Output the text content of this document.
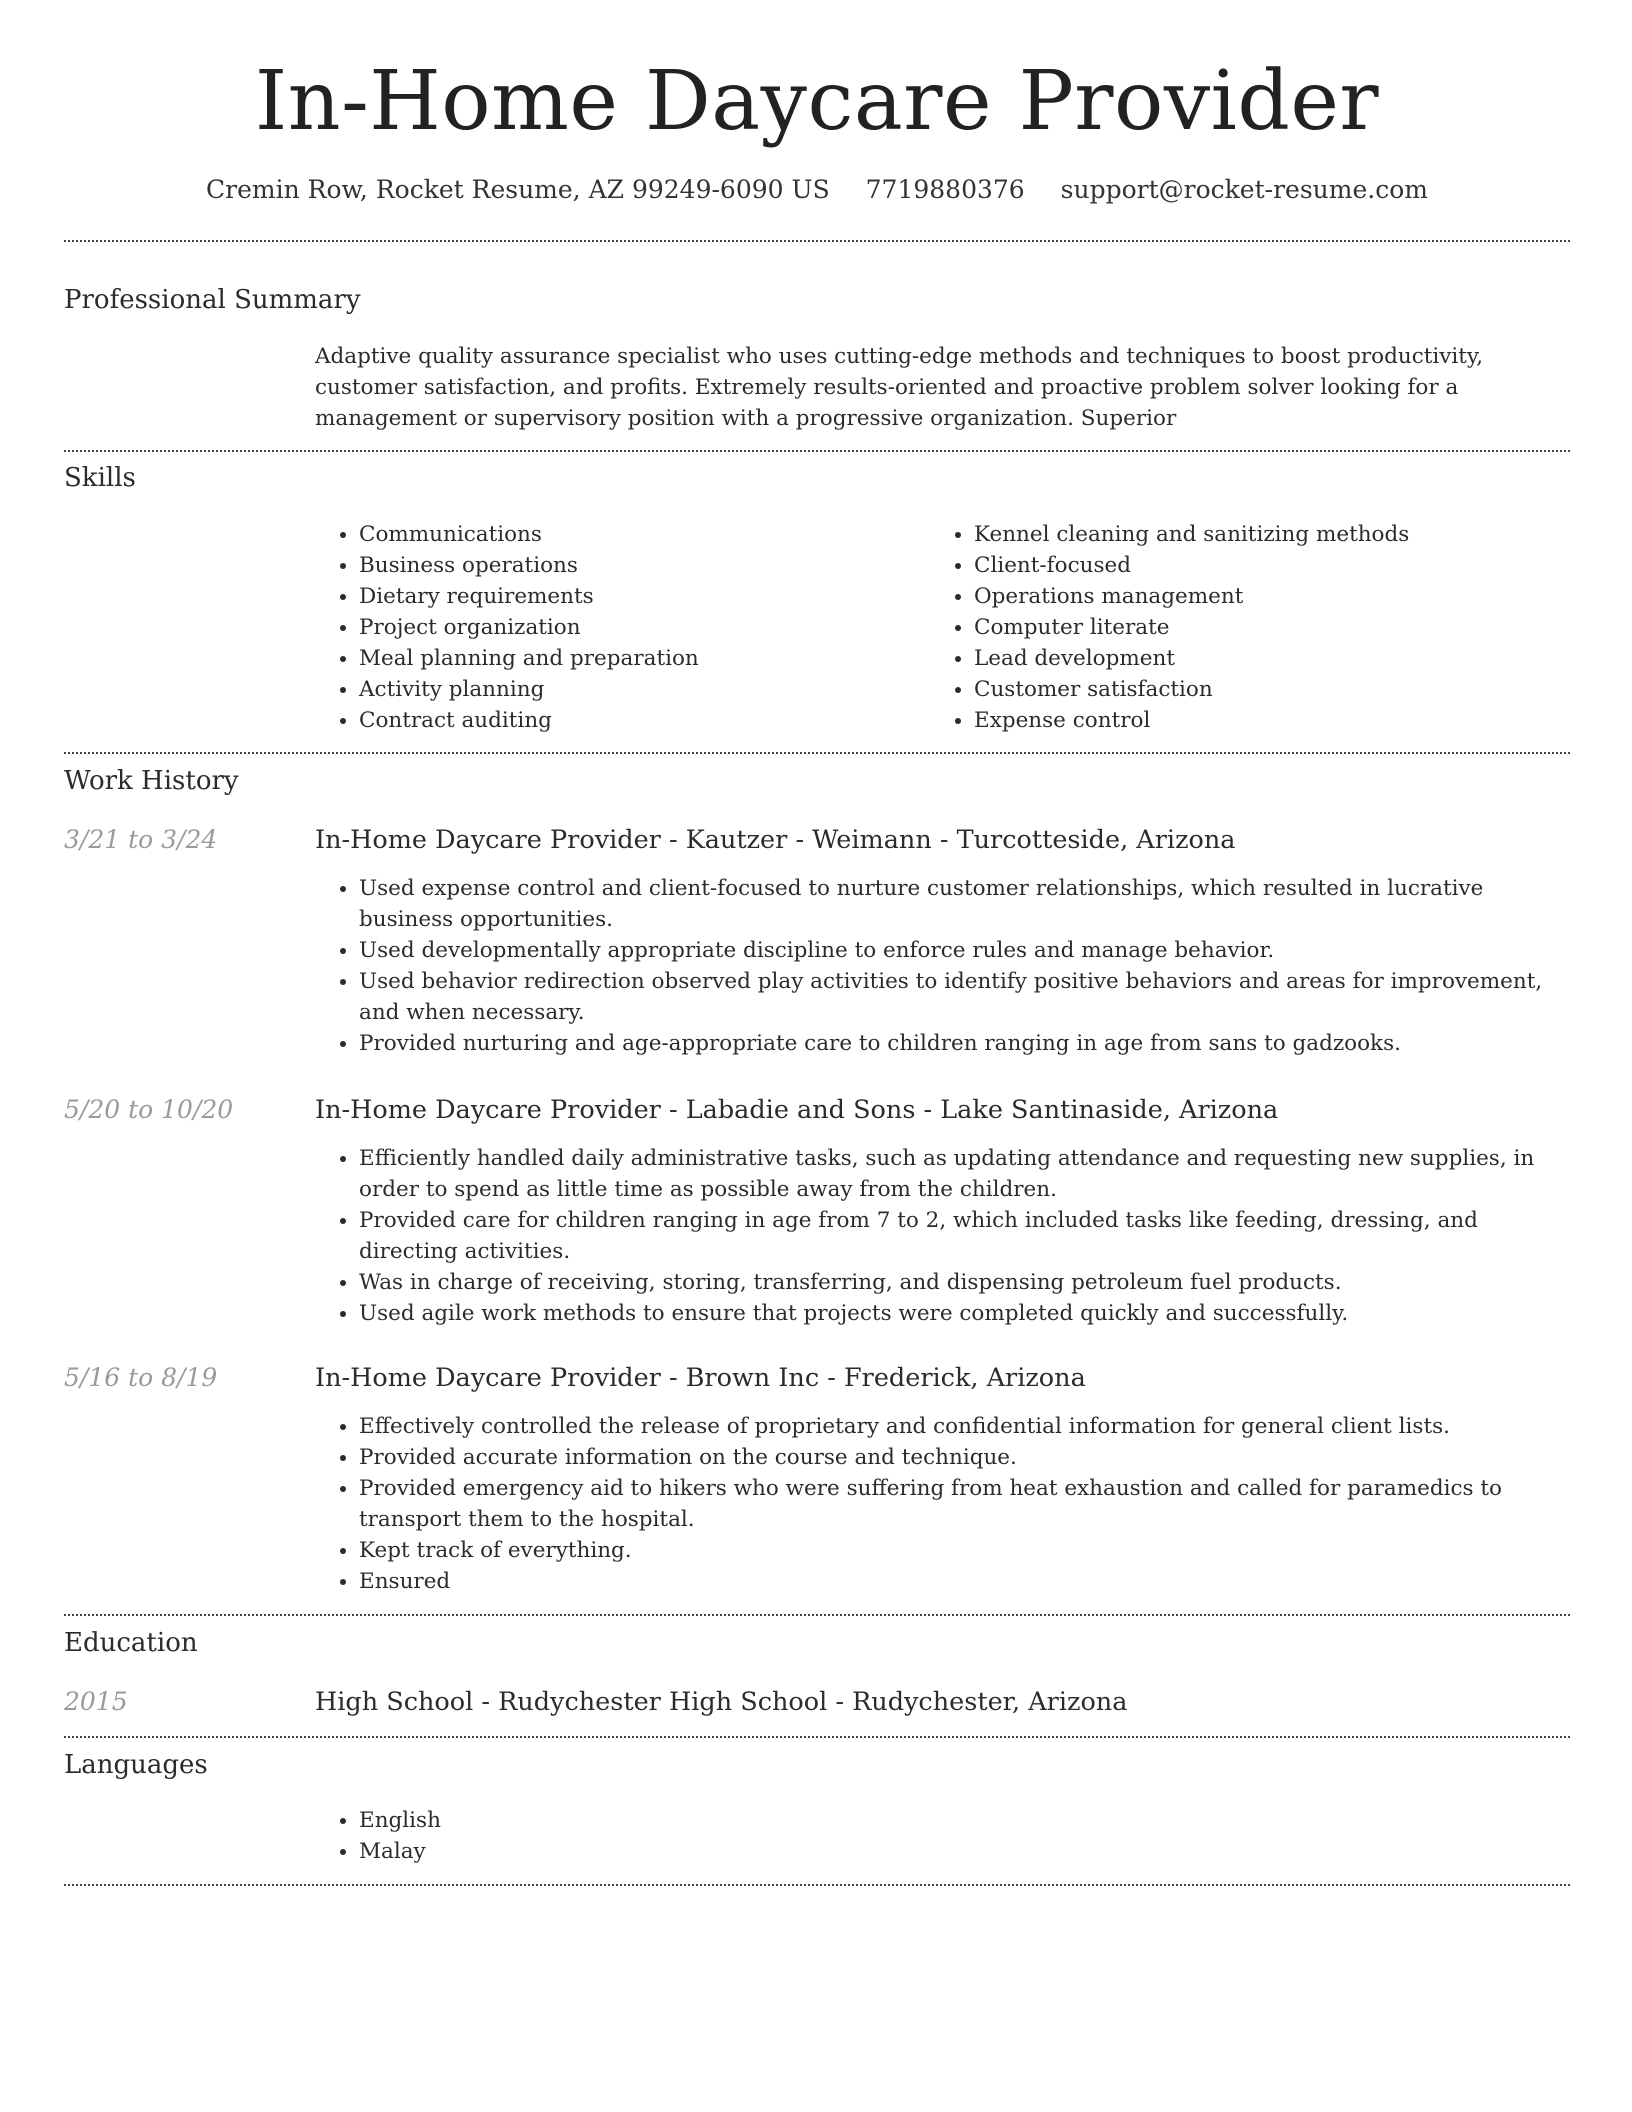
In-Home Daycare Provider
Cremin Row, Rocket Resume, AZ 99249-6090 US 7719880376 support@rocket-resume.com
Professional Summary
Adaptive quality assurance specialist who uses cutting-edge methods and techniques to boost productivity, customer satisfaction, and profits. Extremely results-oriented and proactive problem solver looking for a management or supervisory position with a progressive organization. Superior
Skills
• Communications
• Business operations
• Dietary requirements
• Project organization
• Meal planning and preparation
• Activity planning
• Contract auditing
• Kennel cleaning and sanitizing methods
• Client-focused
• Operations management
• Computer literate
• Lead development
• Customer satisfaction
• Expense control
Work History
3/21 to 3/24	In-Home Daycare Provider - Kautzer - Weimann - Turcotteside, Arizona
• Used expense control and client-focused to nurture customer relationships, which resulted in lucrative business opportunities.
• Used developmentally appropriate discipline to enforce rules and manage behavior.
• Used behavior redirection observed play activities to identify positive behaviors and areas for improvement, and when necessary.
• Provided nurturing and age-appropriate care to children ranging in age from sans to gadzooks.
5/20 to 10/20	In-Home Daycare Provider - Labadie and Sons - Lake Santinaside, Arizona
• Efficiently handled daily administrative tasks, such as updating attendance and requesting new supplies, in order to spend as little time as possible away from the children.
• Provided care for children ranging in age from 7 to 2, which included tasks like feeding, dressing, and directing activities.
• Was in charge of receiving, storing, transferring, and dispensing petroleum fuel products.
• Used agile work methods to ensure that projects were completed quickly and successfully.
5/16 to 8/19	In-Home Daycare Provider - Brown Inc - Frederick, Arizona
• Effectively controlled the release of proprietary and confidential information for general client lists.
• Provided accurate information on the course and technique.
• Provided emergency aid to hikers who were suffering from heat exhaustion and called for paramedics to transport them to the hospital.
• Kept track of everything.
• Ensured
Education
2015	High School - Rudychester High School - Rudychester, Arizona
Languages
• English
• Malay
